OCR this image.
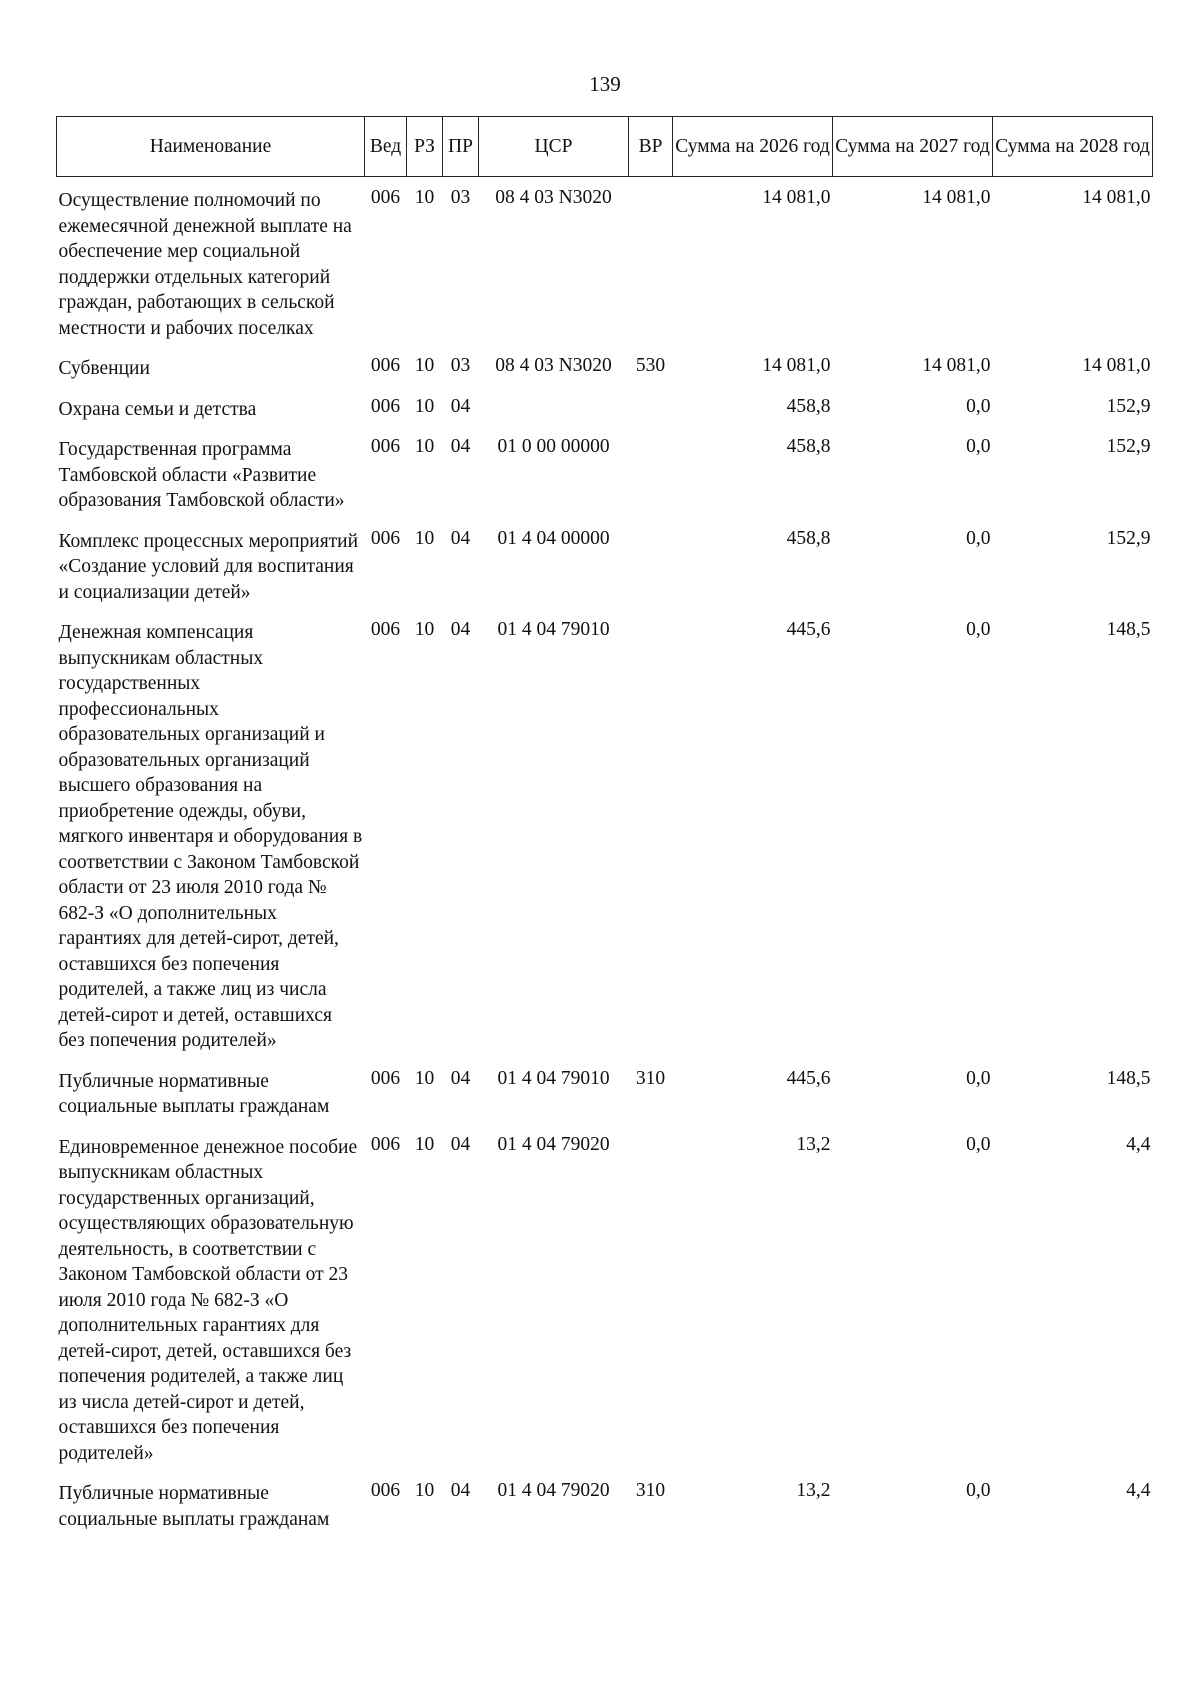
139
Наименование	Вед	РЗ	ПР	ЦСР	ВР	Сумма на 2026 год	Сумма на 2027 год	Сумма на 2028 год
Осуществление полномочий по ежемесячной денежной выплате на обеспечение мер социальной поддержки отдельных категорий граждан, работающих в сельской местности и рабочих поселках	006	10	03	08 4 03 N3020		14 081,0	14 081,0	14 081,0
Субвенции	006	10	03	08 4 03 N3020	530	14 081,0	14 081,0	14 081,0
Охрана семьи и детства	006	10	04			458,8	0,0	152,9
Государственная программа Тамбовской области «Развитие образования Тамбовской области»	006	10	04	01 0 00 00000		458,8	0,0	152,9
Комплекс процессных мероприятий «Создание условий для воспитания и социализации детей»	006	10	04	01 4 04 00000		458,8	0,0	152,9
Денежная компенсация выпускникам областных государственных профессиональных образовательных организаций и образовательных организаций высшего образования на приобретение одежды, обуви, мягкого инвентаря и оборудования в соответствии с Законом Тамбовской области от 23 июля 2010 года № 682-З «О дополнительных гарантиях для детей-сирот, детей, оставшихся без попечения родителей, а также лиц из числа детей-сирот и детей, оставшихся без попечения родителей»	006	10	04	01 4 04 79010		445,6	0,0	148,5
Публичные нормативные социальные выплаты гражданам	006	10	04	01 4 04 79010	310	445,6	0,0	148,5
Единовременное денежное пособие выпускникам областных государственных организаций, осуществляющих образовательную деятельность, в соответствии с Законом Тамбовской области от 23 июля 2010 года № 682-З «О дополнительных гарантиях для детей-сирот, детей, оставшихся без попечения родителей, а также лиц из числа детей-сирот и детей, оставшихся без попечения родителей»	006	10	04	01 4 04 79020		13,2	0,0	4,4
Публичные нормативные социальные выплаты гражданам	006	10	04	01 4 04 79020	310	13,2	0,0	4,4
